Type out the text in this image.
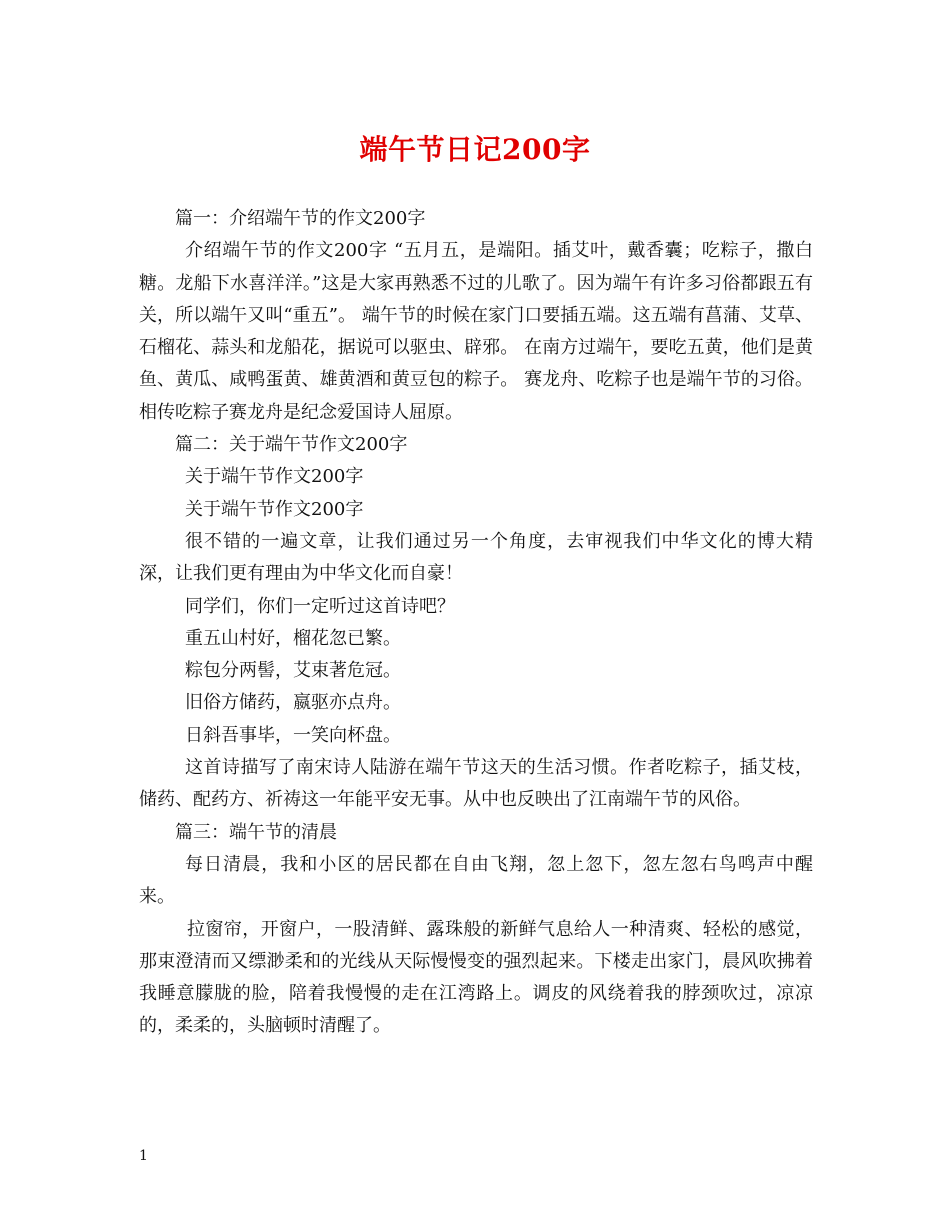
端午节日记200字

篇一：介绍端午节的作文200字

介绍端午节的作文200字 “五月五，是端阳。插艾叶，戴香囊；吃粽子，撒白糖。龙船下水喜洋洋。”这是大家再熟悉不过的儿歌了。因为端午有许多习俗都跟五有关，所以端午又叫“重五”。 端午节的时候在家门口要插五端。这五端有菖蒲、艾草、石榴花、蒜头和龙船花，据说可以驱虫、辟邪。 在南方过端午，要吃五黄，他们是黄鱼、黄瓜、咸鸭蛋黄、雄黄酒和黄豆包的粽子。 赛龙舟、吃粽子也是端午节的习俗。相传吃粽子赛龙舟是纪念爱国诗人屈原。

篇二：关于端午节作文200字

关于端午节作文200字

关于端午节作文200字

很不错的一遍文章，让我们通过另一个角度，去审视我们中华文化的博大精深，让我们更有理由为中华文化而自豪！

同学们，你们一定听过这首诗吧？

重五山村好，榴花忽已繁。

粽包分两髻，艾束著危冠。

旧俗方储药，嬴驱亦点舟。

日斜吾事毕，一笑向杯盘。

这首诗描写了南宋诗人陆游在端午节这天的生活习惯。作者吃粽子，插艾枝，储药、配药方、祈祷这一年能平安无事。从中也反映出了江南端午节的风俗。

篇三：端午节的清晨

每日清晨，我和小区的居民都在自由飞翔，忽上忽下，忽左忽右鸟鸣声中醒来。

拉窗帘，开窗户，一股清鲜、露珠般的新鲜气息给人一种清爽、轻松的感觉，那束澄清而又缥渺柔和的光线从天际慢慢变的强烈起来。下楼走出家门，晨风吹拂着我睡意朦胧的脸，陪着我慢慢的走在江湾路上。调皮的风绕着我的脖颈吹过，凉凉的，柔柔的，头脑顿时清醒了。

1
